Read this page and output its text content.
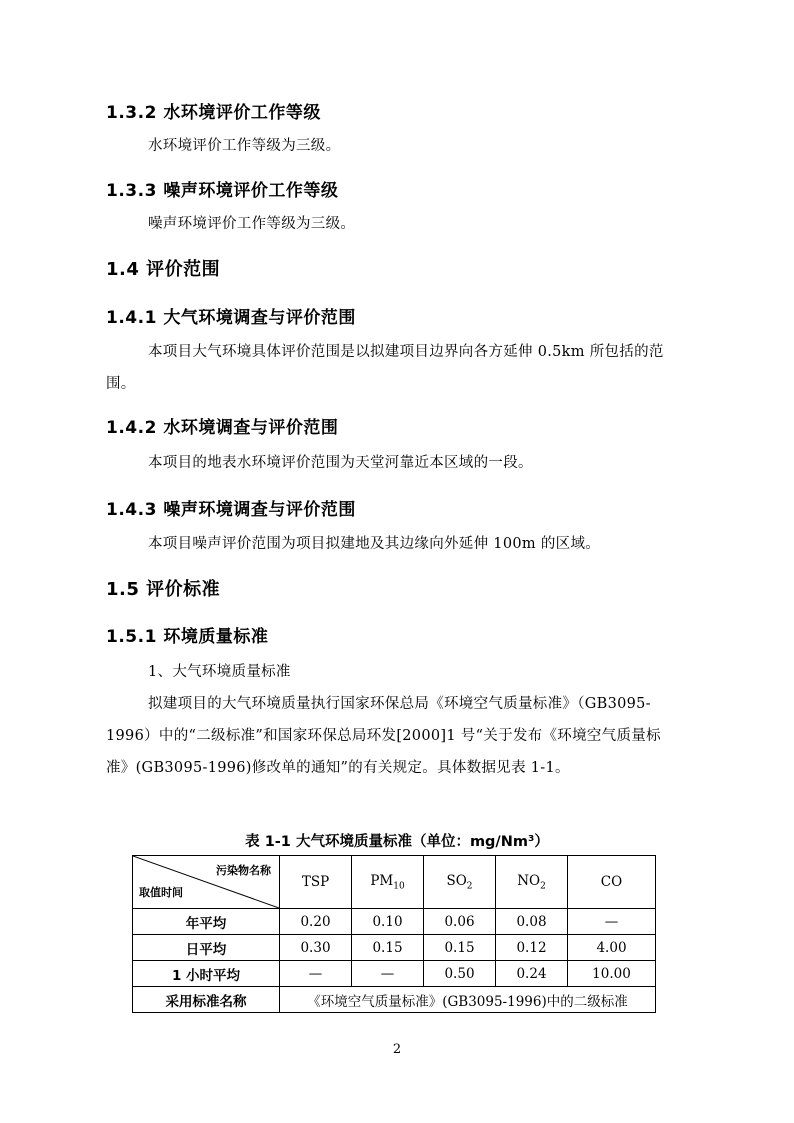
1.3.2 水环境评价工作等级
水环境评价工作等级为三级。
1.3.3 噪声环境评价工作等级
噪声环境评价工作等级为三级。
1.4 评价范围
1.4.1 大气环境调查与评价范围
本项目大气环境具体评价范围是以拟建项目边界向各方延伸 0.5km 所包括的范围。
1.4.2 水环境调查与评价范围
本项目的地表水环境评价范围为天堂河靠近本区域的一段。
1.4.3 噪声环境调查与评价范围
本项目噪声评价范围为项目拟建地及其边缘向外延伸 100m 的区域。
1.5 评价标准
1.5.1 环境质量标准
1、大气环境质量标准
拟建项目的大气环境质量执行国家环保总局《环境空气质量标准》（GB3095-1996）中的“二级标准”和国家环保总局环发[2000]1 号“关于发布《环境空气质量标准》(GB3095-1996)修改单的通知”的有关规定。具体数据见表 1-1。
表 1-1 大气环境质量标准（单位：mg/Nm³）
污染物名称
取值时间	TSP	$PM_{10}$	$SO_2$	$NO_2$	CO
年平均	0.20	0.10	0.06	0.08	—
日平均	0.30	0.15	0.15	0.12	4.00
1 小时平均	—	—	0.50	0.24	10.00
采用标准名称	《环境空气质量标准》(GB3095-1996)中的二级标准				
2
